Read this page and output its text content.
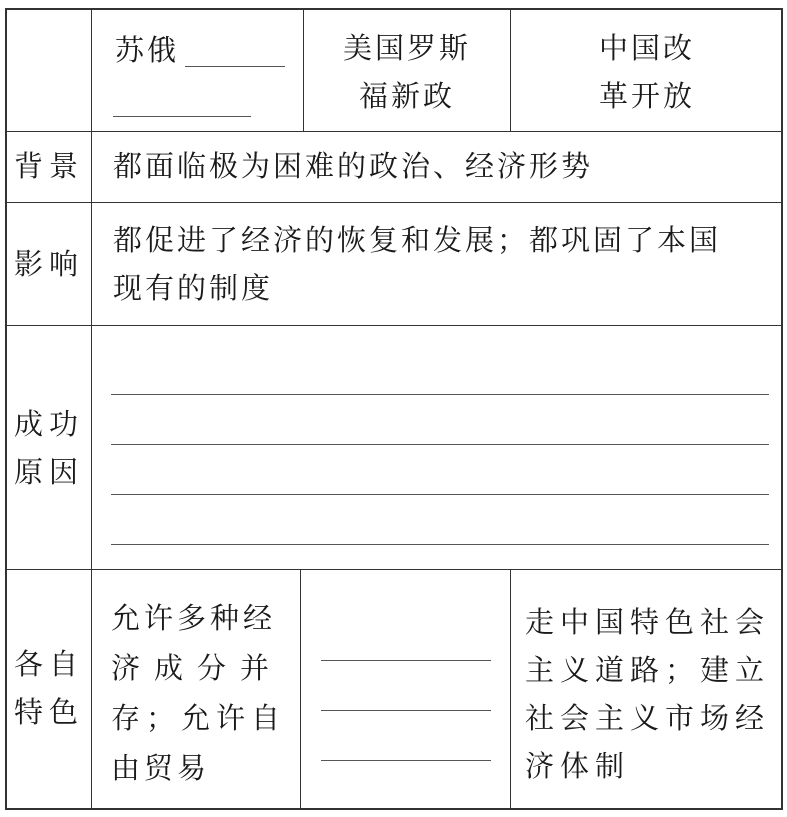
苏俄	美国罗斯
福新政
中国改
革开放
背景 都面临极为困难的政治、经济形势
影响
都促进了经济的恢复和发展；都巩固了本国
现有的制度
成功
原因
各自
特色
允许多种经
济成分并
存；允许自
由贸易
走中国特色社会
主义道路；建立
社会主义市场经
济体制
